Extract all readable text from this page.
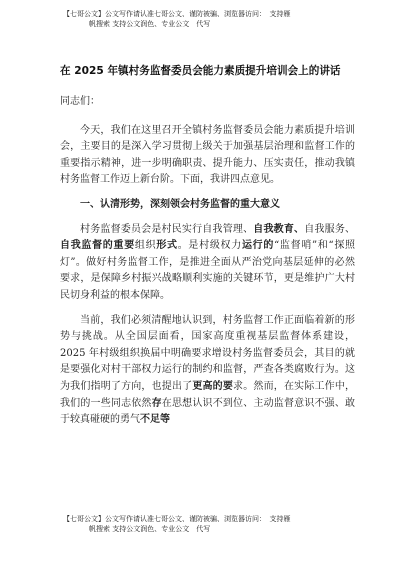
【七哥公文】公文写作请认准七哥公文、谨防被骗、浏览器访问：　支持雁
帆搜索 支持公文润色、专业公文　代写
在 2025 年镇村务监督委员会能力素质提升培训会上的讲话

同志们：

今天，我们在这里召开全镇村务监督委员会能力素质提升培训会，主要目的是深入学习贯彻上级关于加强基层治理和监督工作的重要指示精神，进一步明确职责、提升能力、压实责任，推动我镇村务监督工作迈上新台阶。下面，我讲四点意见。

一、认清形势，深刻领会村务监督的重大意义

村务监督委员会是村民实行自我管理、自我教育、自我服务、自我监督的重要组织形式。是村级权力运行的“监督哨”和“探照灯”。做好村务监督工作，是推进全面从严治党向基层延伸的必然要求，是保障乡村振兴战略顺利实施的关键环节，更是维护广大村民切身利益的根本保障。

当前，我们必须清醒地认识到，村务监督工作正面临着新的形势与挑战。从全国层面看，国家高度重视基层监督体系建设，2025 年村级组织换届中明确要求增设村务监督委员会，其目的就是要强化对村干部权力运行的制约和监督，严查各类腐败行为。这为我们指明了方向，也提出了更高的要求。然而，在实际工作中，我们的一些同志依然存在思想认识不到位、主动监督意识不强、敢于较真碰硬的勇气不足等

【七哥公文】公文写作请认准七哥公文、谨防被骗、浏览器访问：　支持雁
帆搜索 支持公文润色、专业公文　代写
